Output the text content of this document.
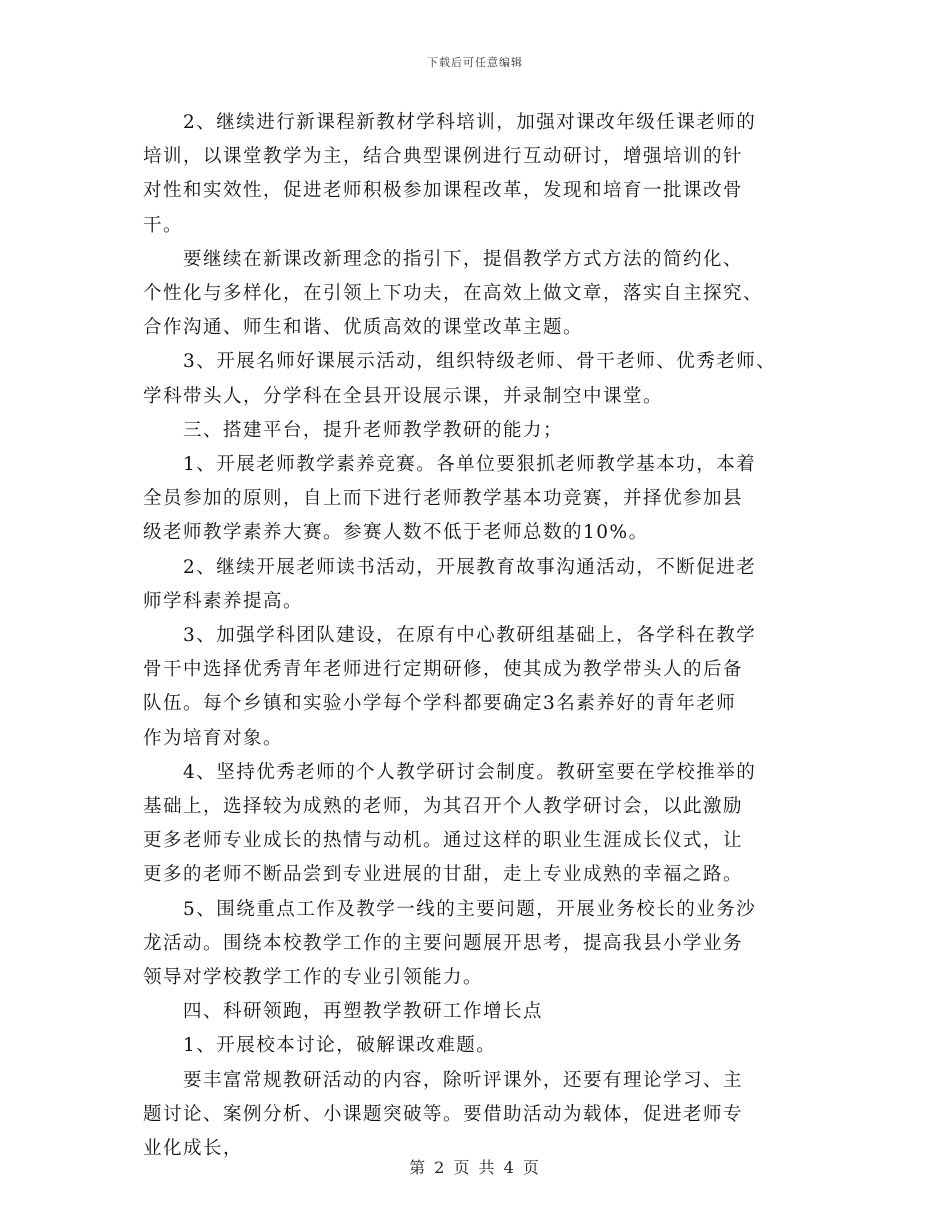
下载后可任意编辑
2、继续进行新课程新教材学科培训，加强对课改年级任课老师的
培训，以课堂教学为主，结合典型课例进行互动研讨，增强培训的针
对性和实效性，促进老师积极参加课程改革，发现和培育一批课改骨
干。
要继续在新课改新理念的指引下，提倡教学方式方法的简约化、
个性化与多样化，在引领上下功夫，在高效上做文章，落实自主探究、
合作沟通、师生和谐、优质高效的课堂改革主题。
3、开展名师好课展示活动，组织特级老师、骨干老师、优秀老师、
学科带头人，分学科在全县开设展示课，并录制空中课堂。
三、搭建平台，提升老师教学教研的能力；
1、开展老师教学素养竞赛。各单位要狠抓老师教学基本功，本着
全员参加的原则，自上而下进行老师教学基本功竞赛，并择优参加县
级老师教学素养大赛。参赛人数不低于老师总数的10%。
2、继续开展老师读书活动，开展教育故事沟通活动，不断促进老
师学科素养提高。
3、加强学科团队建设，在原有中心教研组基础上，各学科在教学
骨干中选择优秀青年老师进行定期研修，使其成为教学带头人的后备
队伍。每个乡镇和实验小学每个学科都要确定3名素养好的青年老师
作为培育对象。
4、坚持优秀老师的个人教学研讨会制度。教研室要在学校推举的
基础上，选择较为成熟的老师，为其召开个人教学研讨会，以此激励
更多老师专业成长的热情与动机。通过这样的职业生涯成长仪式，让
更多的老师不断品尝到专业进展的甘甜，走上专业成熟的幸福之路。
5、围绕重点工作及教学一线的主要问题，开展业务校长的业务沙
龙活动。围绕本校教学工作的主要问题展开思考，提高我县小学业务
领导对学校教学工作的专业引领能力。
四、科研领跑，再塑教学教研工作增长点
1、开展校本讨论，破解课改难题。
要丰富常规教研活动的内容，除听评课外，还要有理论学习、主
题讨论、案例分析、小课题突破等。要借助活动为载体，促进老师专
业化成长，
第 2 页 共 4 页
